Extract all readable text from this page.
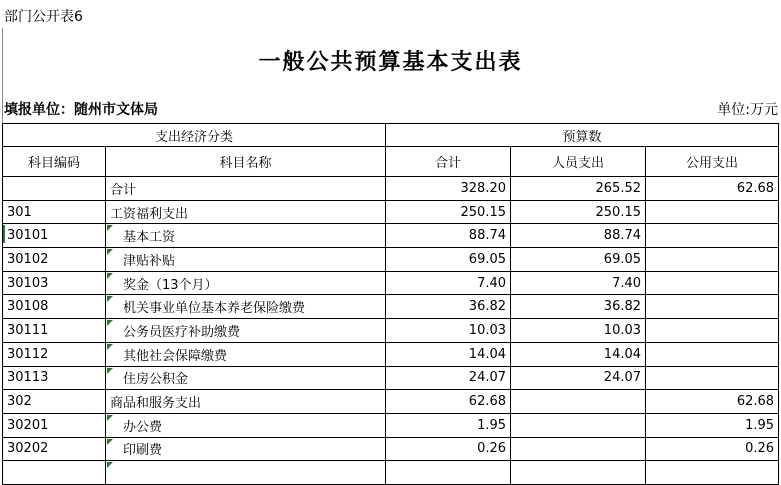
部门公开表6
一般公共预算基本支出表
填报单位：随州市文体局	单位:万元
支出经济分类		预算数		
科目编码	科目名称	合计	人员支出	公用支出
	合计	328.20	265.52	62.68
301	工资福利支出	250.15	250.15	

30101	基本工资	88.74	88.74	
30102	津贴补贴	69.05	69.05	
30103	奖金（13个月）	7.40	7.40	
30108	机关事业单位基本养老保险缴费	36.82	36.82	
30111	公务员医疗补助缴费	10.03	10.03	
30112	其他社会保障缴费	14.04	14.04	
30113	住房公积金	24.07	24.07	
302	商品和服务支出	62.68		62.68
30201	办公费	1.95		1.95
30202	印刷费	0.26		0.26
